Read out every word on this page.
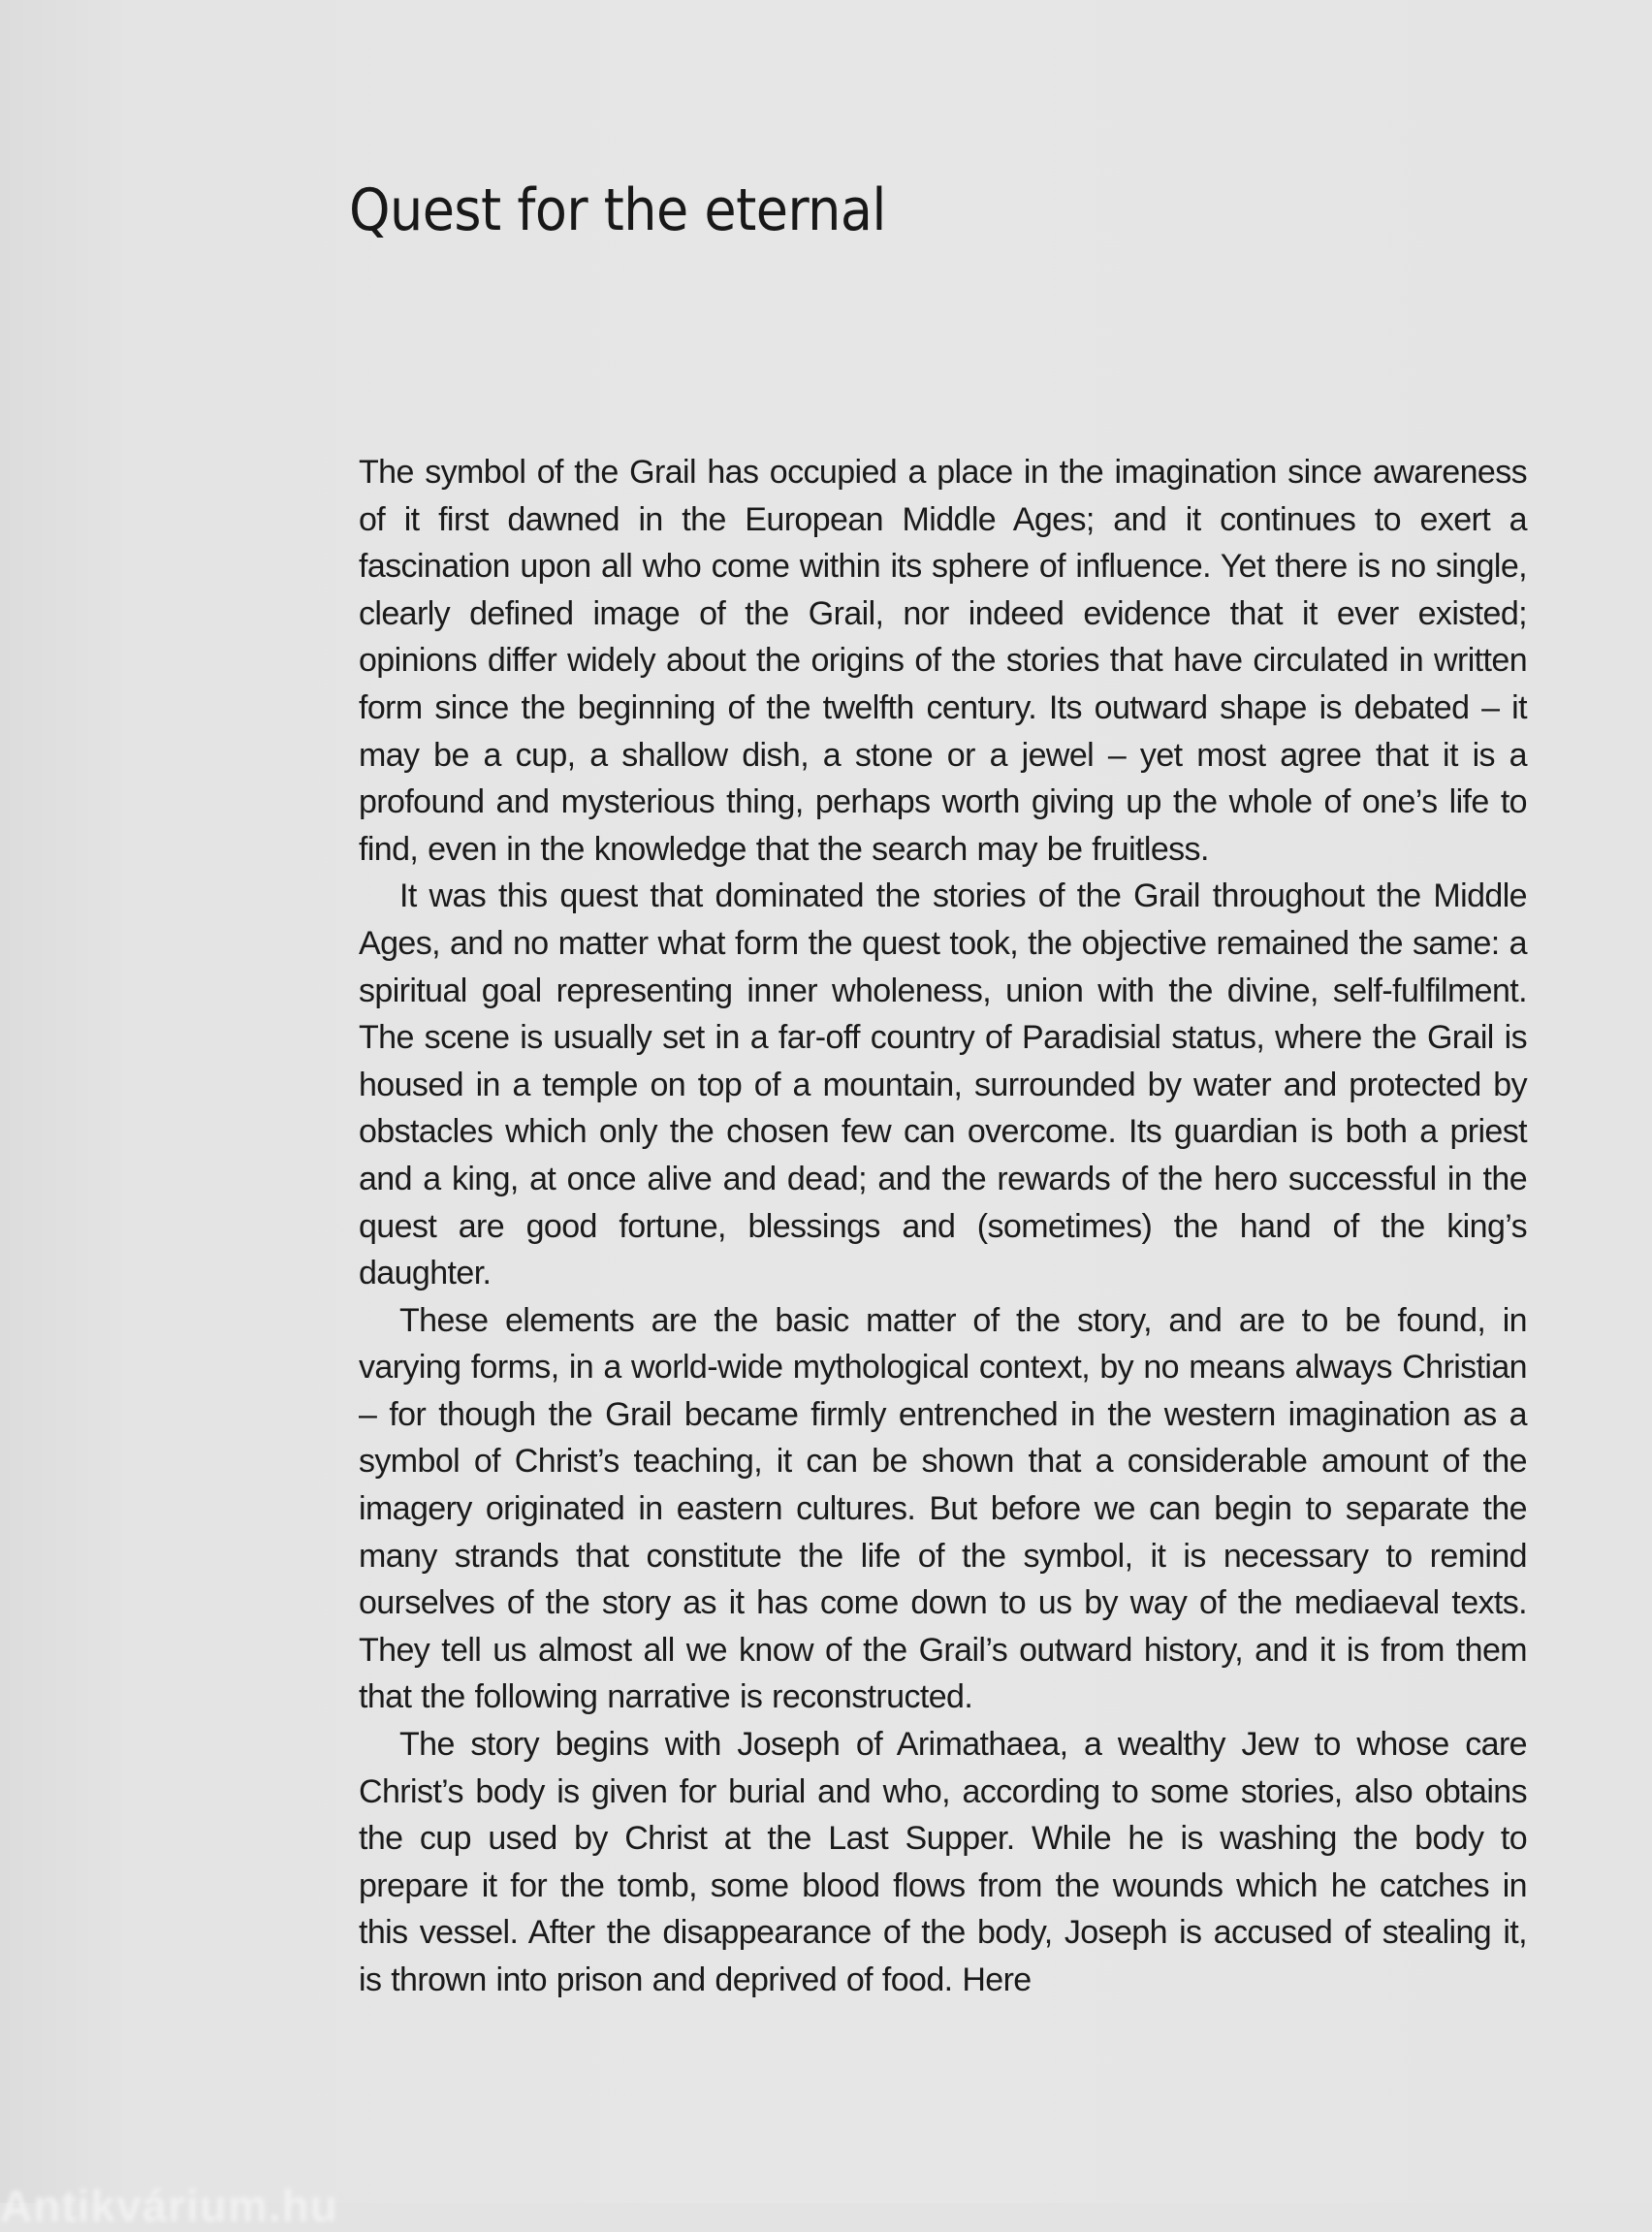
Quest for the eternal

The symbol of the Grail has occupied a place in the imagination since awareness of it first dawned in the European Middle Ages; and it continues to exert a fascination upon all who come within its sphere of influence. Yet there is no single, clearly defined image of the Grail, nor indeed evidence that it ever existed; opinions differ widely about the origins of the stories that have circulated in written form since the beginning of the twelfth century. Its outward shape is debated – it may be a cup, a shallow dish, a stone or a jewel – yet most agree that it is a profound and mysterious thing, perhaps worth giving up the whole of one’s life to find, even in the knowledge that the search may be fruitless.

It was this quest that dominated the stories of the Grail throughout the Middle Ages, and no matter what form the quest took, the objective remained the same: a spiritual goal representing inner wholeness, union with the divine, self-fulfilment. The scene is usually set in a far-off country of Paradisial status, where the Grail is housed in a temple on top of a mountain, surrounded by water and protected by obstacles which only the chosen few can overcome. Its guardian is both a priest and a king, at once alive and dead; and the rewards of the hero successful in the quest are good fortune, blessings and (sometimes) the hand of the king’s daughter.

These elements are the basic matter of the story, and are to be found, in varying forms, in a world-wide mythological context, by no means always Christian – for though the Grail became firmly entrenched in the western imagination as a symbol of Christ’s teaching, it can be shown that a considerable amount of the imagery originated in eastern cultures. But before we can begin to separate the many strands that constitute the life of the symbol, it is necessary to remind ourselves of the story as it has come down to us by way of the mediaeval texts. They tell us almost all we know of the Grail’s outward history, and it is from them that the following narrative is reconstructed.

The story begins with Joseph of Arimathaea, a wealthy Jew to whose care Christ’s body is given for burial and who, according to some stories, also obtains the cup used by Christ at the Last Supper. While he is washing the body to prepare it for the tomb, some blood flows from the wounds which he catches in this vessel. After the disappearance of the body, Joseph is accused of stealing it, is thrown into prison and deprived of food. Here

Antikvárium.hu
